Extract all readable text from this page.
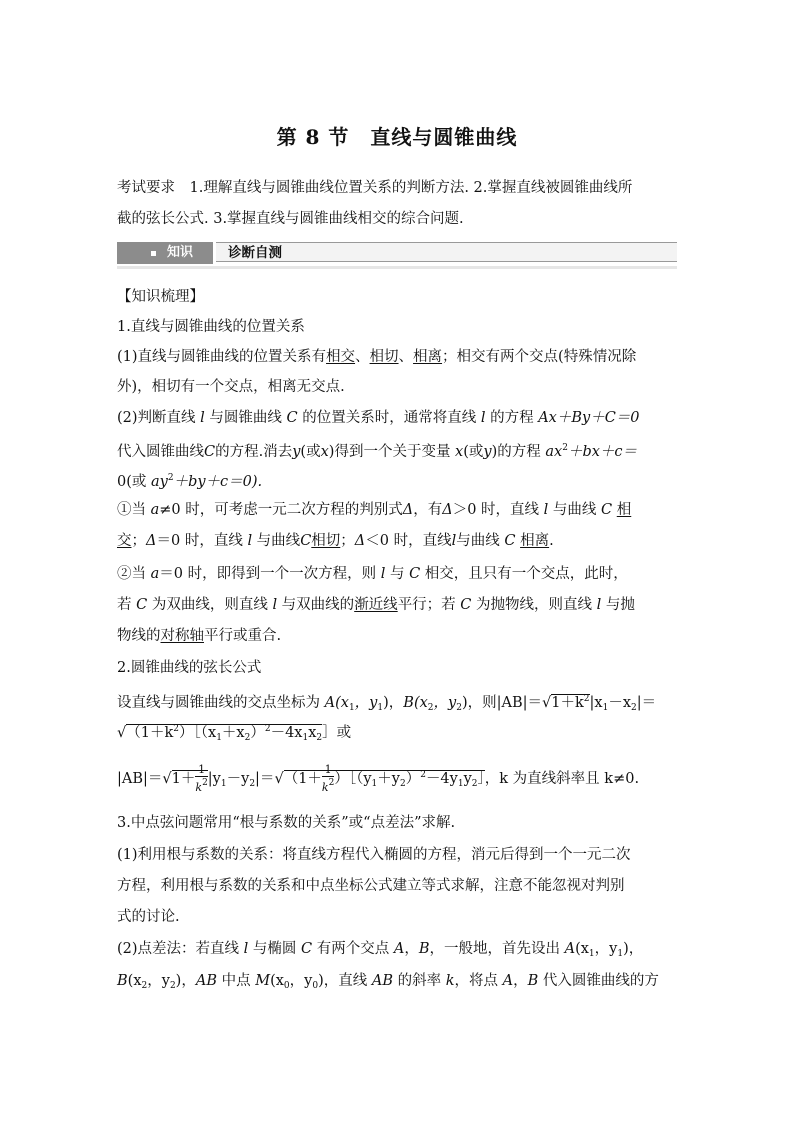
第 8 节　直线与圆锥曲线
考试要求　1.理解直线与圆锥曲线位置关系的判断方法. 2.掌握直线被圆锥曲线所
截的弦长公式. 3.掌握直线与圆锥曲线相交的综合问题.
知识	诊断自测
【知识梳理】
1.直线与圆锥曲线的位置关系
(1)直线与圆锥曲线的位置关系有相交、相切、相离；相交有两个交点(特殊情况除
外)，相切有一个交点，相离无交点.
(2)判断直线 l 与圆锥曲线 C 的位置关系时，通常将直线 l 的方程 Ax＋By＋C＝0
代入圆锥曲线C的方程.消去y(或x)得到一个关于变量 x(或y)的方程 $ax^2+bx+c=$
0(或 $ay^2+by+c=0$).
①当 a≠0 时，可考虑一元二次方程的判别式Δ，有Δ＞0 时，直线 l 与曲线 C 相
交；Δ＝0 时，直线 l 与曲线C相切；Δ＜0 时，直线l与曲线 C 相离.
②当 a＝0 时，即得到一个一次方程，则 l 与 C 相交，且只有一个交点，此时，
若 C 为双曲线，则直线 l 与双曲线的渐近线平行；若 C 为抛物线，则直线 l 与抛
物线的对称轴平行或重合.
2.圆锥曲线的弦长公式
设直线与圆锥曲线的交点坐标为 $A(x_1$，$y_1$)，$B(x_2$，$y_2$)，则$|AB|=√1+k^2|x_1-x_2|=$
$√(1+k^2)[(x_1+x_2)^2-4x_1x_2]$或
$|AB|=√1+ \frac{1}{k^2} |y_1-y_2|=√(1+ \frac{1}{k^2}$ ）$[(y_1+y_2)^2-4y_1y_2]$，k 为直线斜率且 k≠0.
3.中点弦问题常用“根与系数的关系”或“点差法”求解.
(1)利用根与系数的关系：将直线方程代入椭圆的方程，消元后得到一个一元二次
方程，利用根与系数的关系和中点坐标公式建立等式求解，注意不能忽视对判别
式的讨论.
(2)点差法：若直线 l 与椭圆 C 有两个交点 A，B，一般地，首先设出 $A(x_1$，$y_1$)，
$B(x_2$，$y_2$)，AB 中点 $M(x_0$，$y_0$)，直线 AB 的斜率 k，将点 A，B 代入圆锥曲线的方
